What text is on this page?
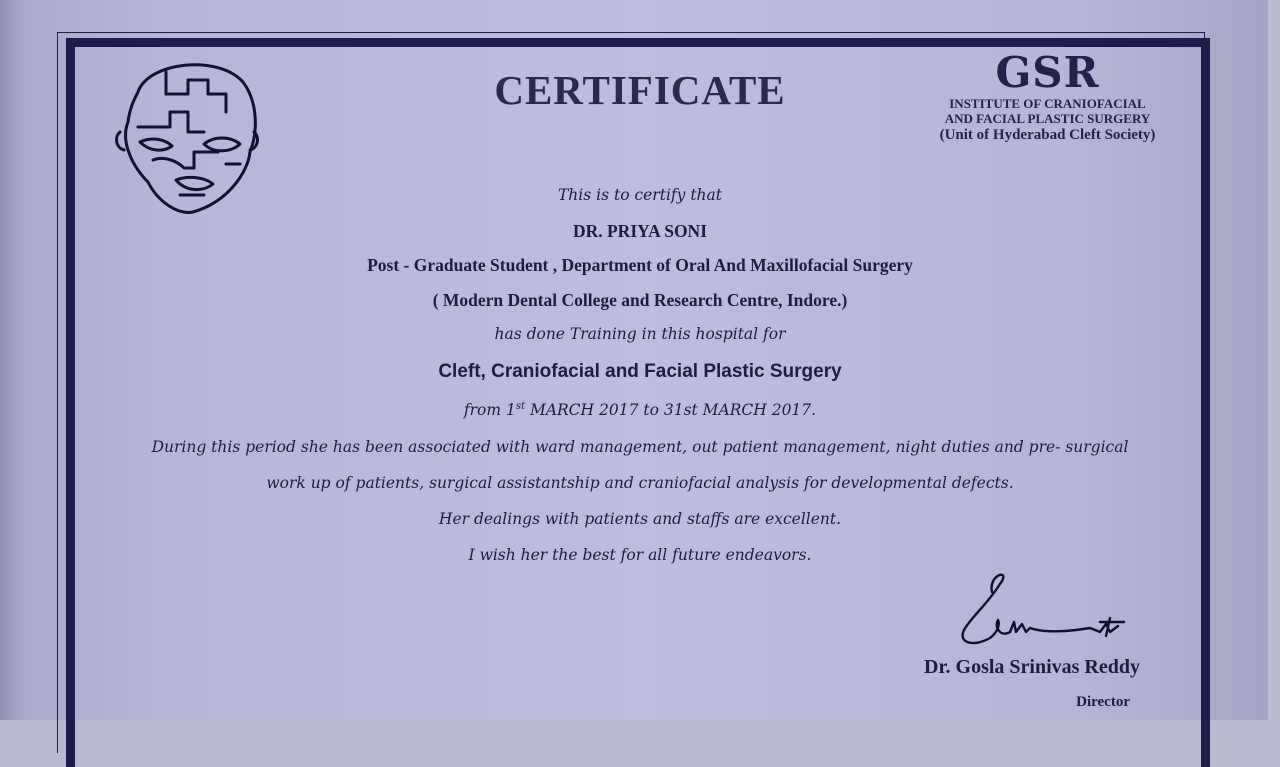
CERTIFICATE	GSR
INSTITUTE OF CRANIOFACIAL
AND FACIAL PLASTIC SURGERY
(Unit of Hyderabad Cleft Society)
This is to certify that
DR. PRIYA SONI
Post - Graduate Student , Department of Oral And Maxillofacial Surgery
( Modern Dental College and Research Centre, Indore.)
has done Training in this hospital for
Cleft, Craniofacial and Facial Plastic Surgery
from 1st MARCH 2017 to 31st MARCH 2017.
During this period she has been associated with ward management, out patient management, night duties and pre- surgical
work up of patients, surgical assistantship and craniofacial analysis for developmental defects.
Her dealings with patients and staffs are excellent.
I wish her the best for all future endeavors.
Dr. Gosla Srinivas Reddy
Director
